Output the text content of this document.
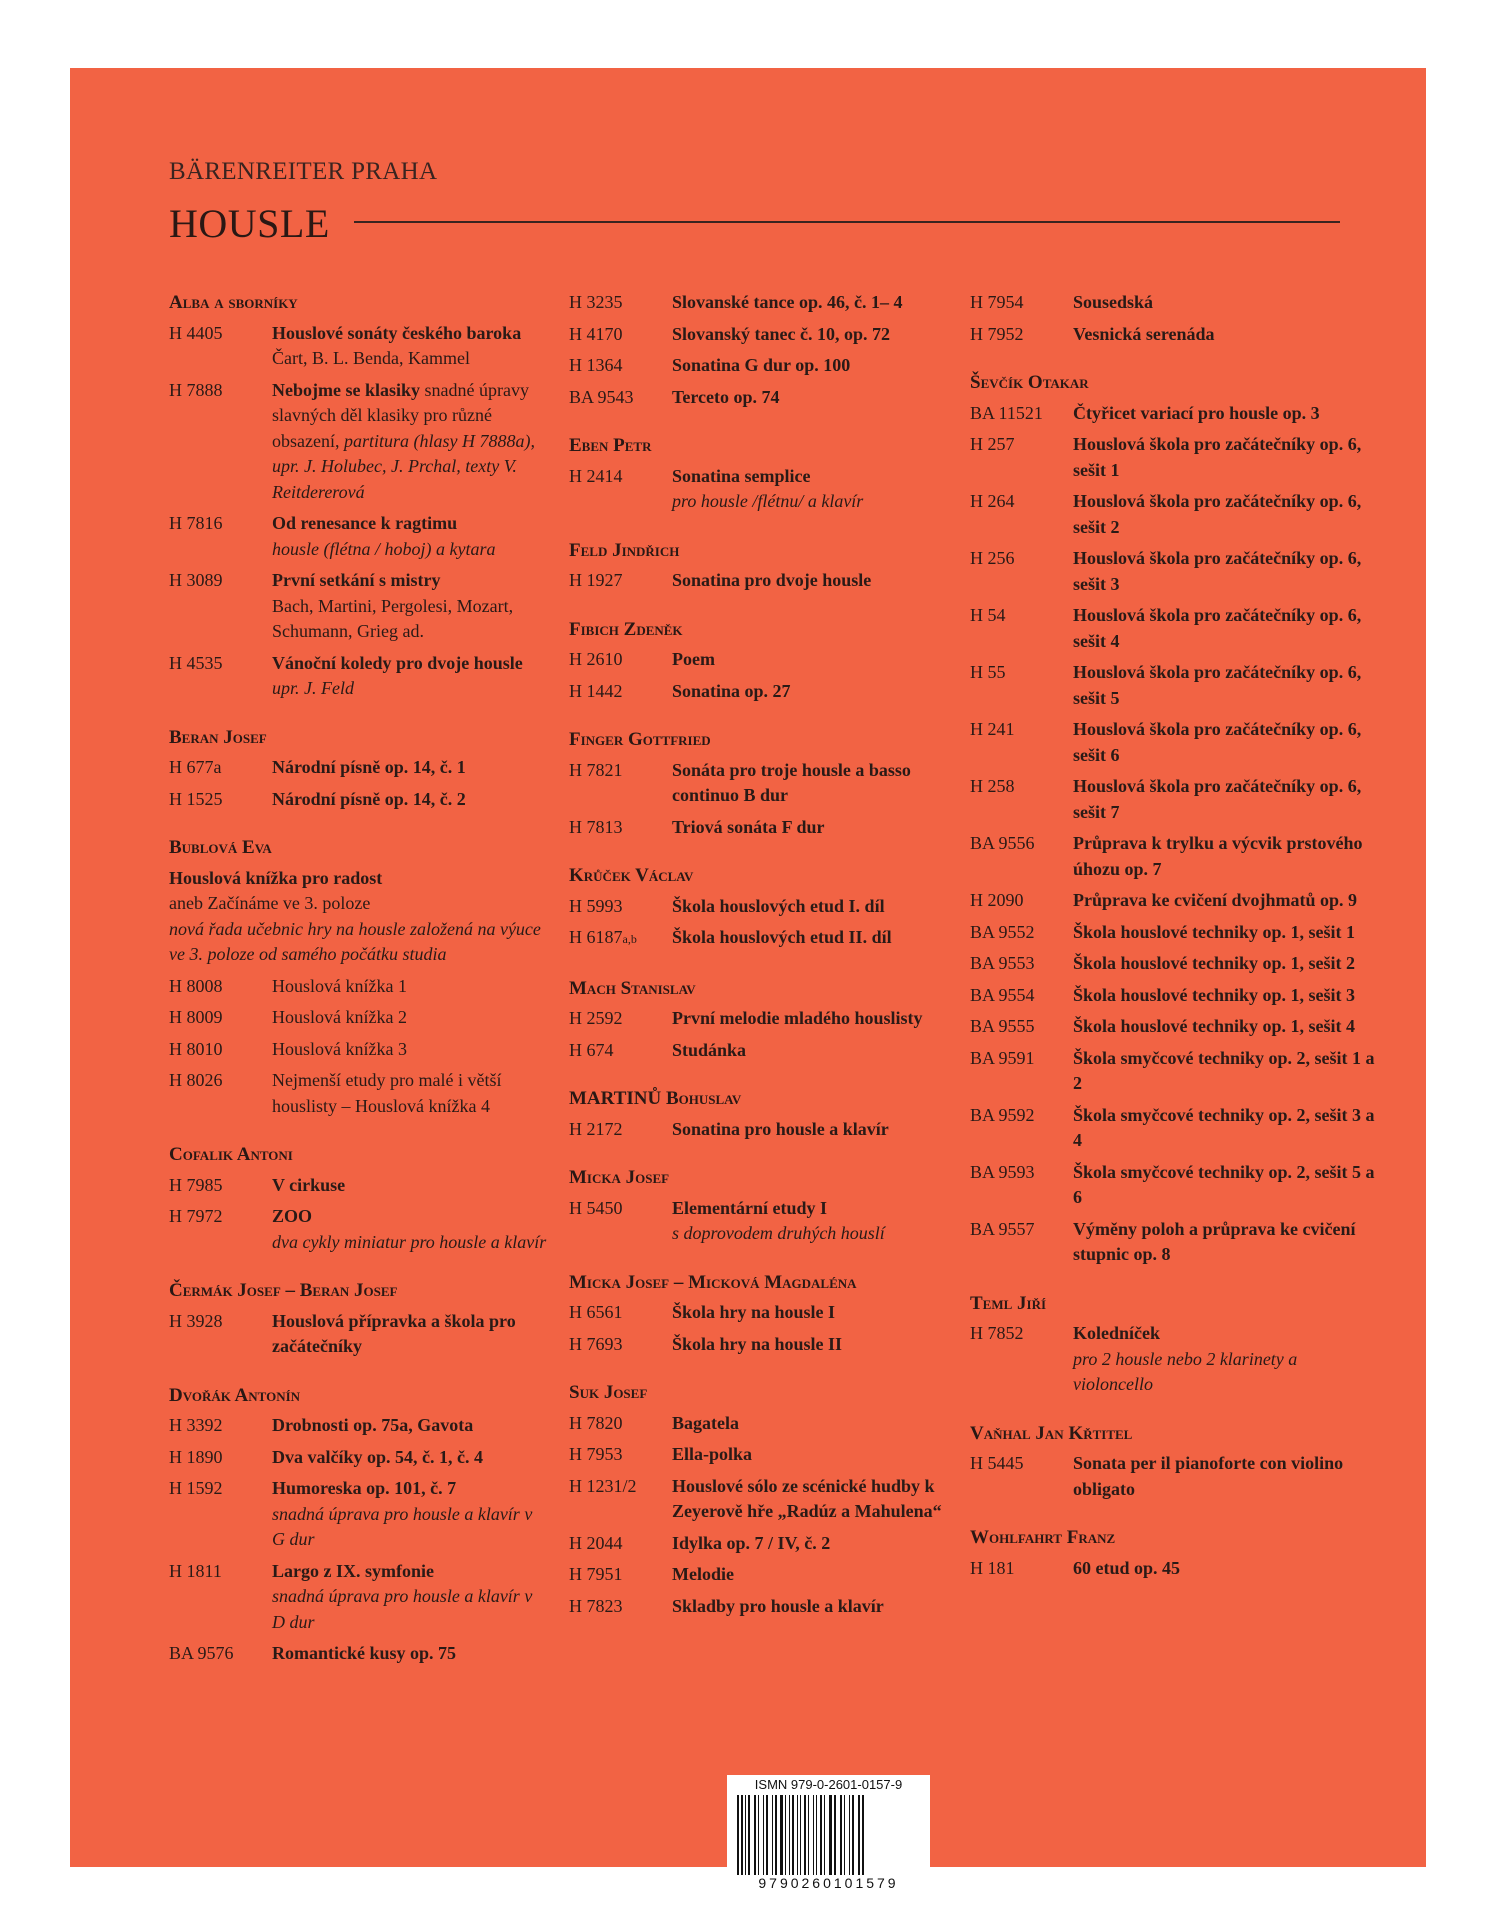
BÄRENREITER PRAHA
HOUSLE
Alba a sborníky
H 4405	Houslové sonáty českého baroka
Čart, B. L. Benda, Kammel
H 7888	Nebojme se klasiky snadné úpravy slavných děl klasiky pro různé obsazení, partitura (hlasy H 7888a), upr. J. Holubec, J. Prchal, texty V. Reitdererová
H 7816	Od renesance k ragtimu
housle (flétna / hoboj) a kytara
H 3089	První setkání s mistry
Bach, Martini, Pergolesi, Mozart, Schumann, Grieg ad.
H 4535	Vánoční koledy pro dvoje housle upr. J. Feld
Beran Josef
H 677a	Národní písně op. 14, č. 1
H 1525	Národní písně op. 14, č. 2
Bublová Eva
Houslová knížka pro radost
aneb Začínáme ve 3. poloze
nová řada učebnic hry na housle založená na výuce ve 3. poloze od samého počátku studia
H 8008	Houslová knížka 1
H 8009	Houslová knížka 2
H 8010	Houslová knížka 3
H 8026	Nejmenší etudy pro malé i větší houslisty – Houslová knížka 4
Cofalik Antoni
H 7985	V cirkuse
H 7972	ZOO
dva cykly miniatur pro housle a klavír
Čermák Josef – Beran Josef
H 3928	Houslová přípravka a škola pro začátečníky
Dvořák Antonín
H 3392	Drobnosti op. 75a, Gavota
H 1890	Dva valčíky op. 54, č. 1, č. 4
H 1592	Humoreska op. 101, č. 7
snadná úprava pro housle a klavír v G dur
H 1811	Largo z IX. symfonie
snadná úprava pro housle a klavír v D dur
BA 9576	Romantické kusy op. 75
H 3235	Slovanské tance op. 46, č. 1– 4
H 4170	Slovanský tanec č. 10, op. 72
H 1364	Sonatina G dur op. 100
BA 9543	Terceto op. 74
Eben Petr
H 2414	Sonatina semplice
pro housle /flétnu/ a klavír
Feld Jindřich
H 1927	Sonatina pro dvoje housle
Fibich Zdeněk
H 2610	Poem
H 1442	Sonatina op. 27
Finger Gottfried
H 7821	Sonáta pro troje housle a basso continuo B dur
H 7813	Triová sonáta F dur
Krůček Václav
H 5993	Škola houslových etud I. díl
H 6187a,b	Škola houslových etud II. díl
Mach Stanislav
H 2592	První melodie mladého houslisty
H 674	Studánka
MARTINŮ Bohuslav
H 2172	Sonatina pro housle a klavír
Micka Josef
H 5450	Elementární etudy I
s doprovodem druhých houslí
Micka Josef – Micková Magdaléna
H 6561	Škola hry na housle I
H 7693	Škola hry na housle II
Suk Josef
H 7820	Bagatela
H 7953	Ella-polka
H 1231/2	Houslové sólo ze scénické hudby k Zeyerově hře „Radúz a Mahulena“
H 2044	Idylka op. 7 / IV, č. 2
H 7951	Melodie
H 7823	Skladby pro housle a klavír
H 7954	Sousedská
H 7952	Vesnická serenáda
Ševčík Otakar
BA 11521	Čtyřicet variací pro housle op. 3
H 257	Houslová škola pro začátečníky op. 6, sešit 1
H 264	Houslová škola pro začátečníky op. 6, sešit 2
H 256	Houslová škola pro začátečníky op. 6, sešit 3
H 54	Houslová škola pro začátečníky op. 6, sešit 4
H 55	Houslová škola pro začátečníky op. 6, sešit 5
H 241	Houslová škola pro začátečníky op. 6, sešit 6
H 258	Houslová škola pro začátečníky op. 6, sešit 7
BA 9556	Průprava k trylku a výcvik prstového úhozu op. 7
H 2090	Průprava ke cvičení dvojhmatů op. 9
BA 9552	Škola houslové techniky op. 1, sešit 1
BA 9553	Škola houslové techniky op. 1, sešit 2
BA 9554	Škola houslové techniky op. 1, sešit 3
BA 9555	Škola houslové techniky op. 1, sešit 4
BA 9591	Škola smyčcové techniky op. 2, sešit 1 a 2
BA 9592	Škola smyčcové techniky op. 2, sešit 3 a 4
BA 9593	Škola smyčcové techniky op. 2, sešit 5 a 6
BA 9557	Výměny poloh a průprava ke cvičení stupnic op. 8
Teml Jiří
H 7852	Koledníček
pro 2 housle nebo 2 klarinety a violoncello
Vaňhal Jan Křtitel
H 5445	Sonata per il pianoforte con violino obligato
Wohlfahrt Franz
H 181	60 etud op. 45
ISMN 979-0-2601-0157-9
9790260101579
